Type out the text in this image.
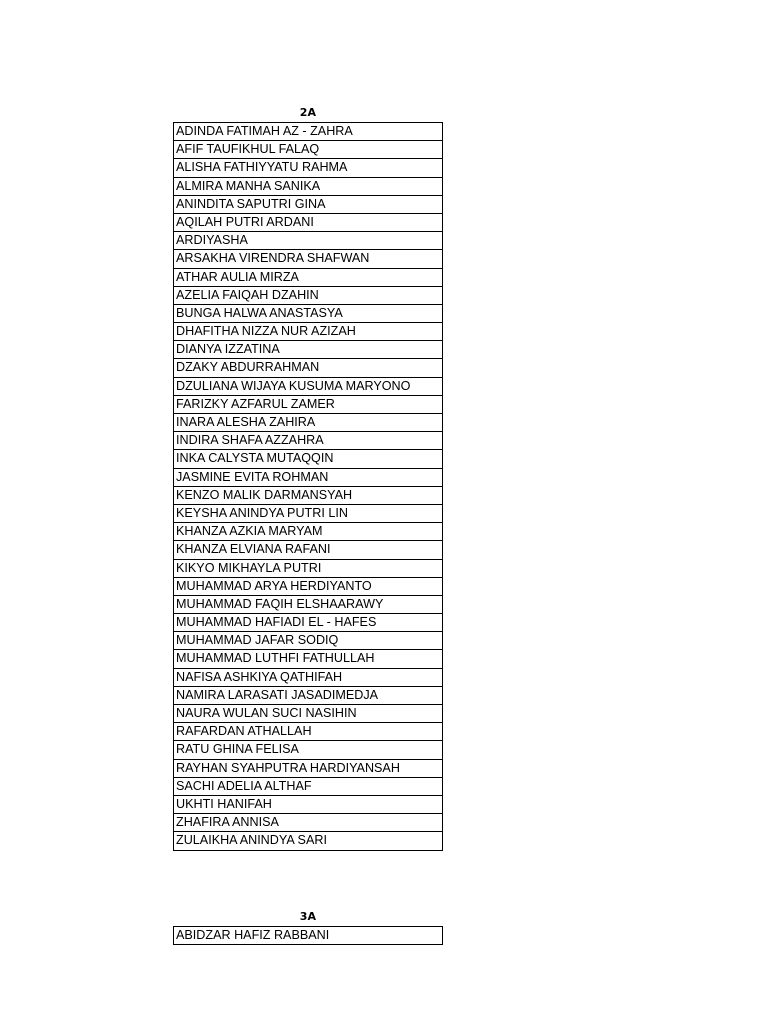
2A
ADINDA FATIMAH AZ - ZAHRA
AFIF TAUFIKHUL FALAQ
ALISHA FATHIYYATU RAHMA
ALMIRA MANHA SANIKA
ANINDITA SAPUTRI GINA
AQILAH PUTRI ARDANI
ARDIYASHA
ARSAKHA VIRENDRA SHAFWAN
ATHAR AULIA MIRZA
AZELIA FAIQAH DZAHIN
BUNGA HALWA ANASTASYA
DHAFITHA NIZZA NUR AZIZAH
DIANYA IZZATINA
DZAKY ABDURRAHMAN
DZULIANA WIJAYA KUSUMA MARYONO
FARIZKY AZFARUL ZAMER
INARA ALESHA ZAHIRA
INDIRA SHAFA AZZAHRA
INKA CALYSTA MUTAQQIN
JASMINE EVITA ROHMAN
KENZO MALIK DARMANSYAH
KEYSHA ANINDYA PUTRI LIN
KHANZA AZKIA MARYAM
KHANZA ELVIANA RAFANI
KIKYO MIKHAYLA PUTRI
MUHAMMAD ARYA HERDIYANTO
MUHAMMAD FAQIH ELSHAARAWY
MUHAMMAD HAFIADI EL - HAFES
MUHAMMAD JAFAR SODIQ
MUHAMMAD LUTHFI FATHULLAH
NAFISA ASHKIYA QATHIFAH
NAMIRA LARASATI JASADIMEDJA
NAURA WULAN SUCI NASIHIN
RAFARDAN ATHALLAH
RATU GHINA FELISA
RAYHAN SYAHPUTRA HARDIYANSAH
SACHI ADELIA ALTHAF
UKHTI HANIFAH
ZHAFIRA ANNISA
ZULAIKHA ANINDYA SARI
3A
ABIDZAR HAFIZ RABBANI
